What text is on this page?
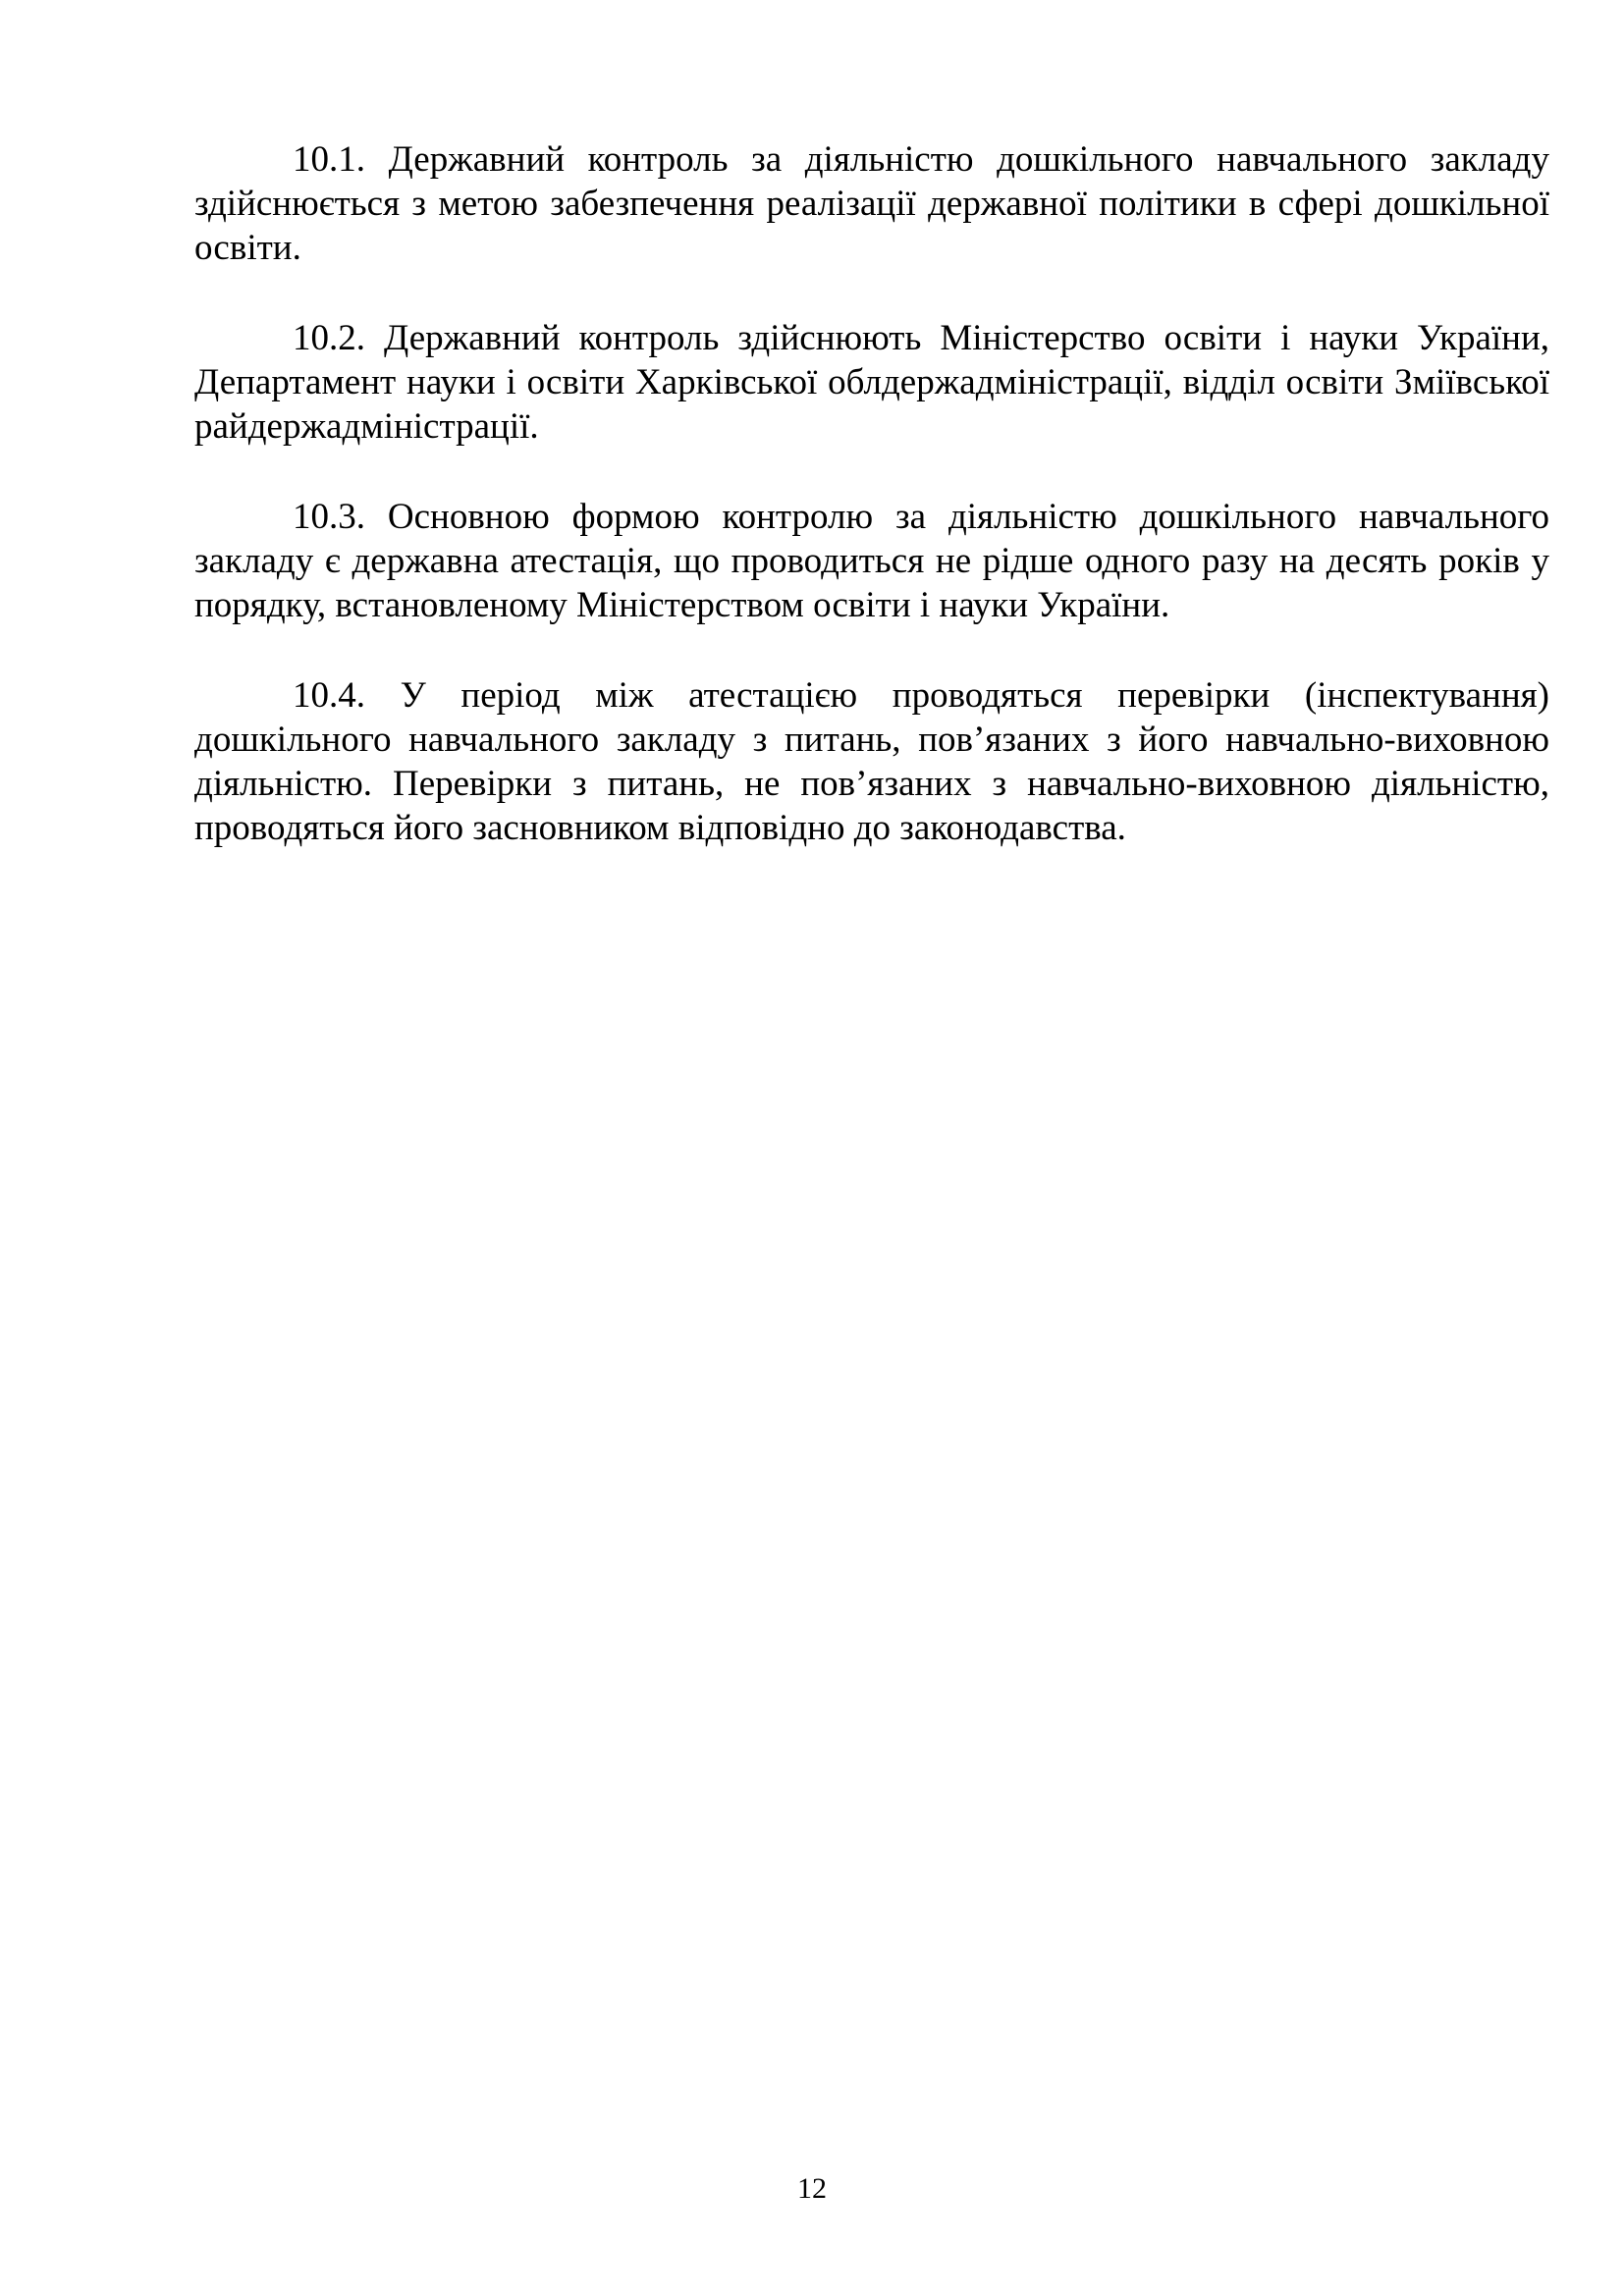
10.1. Державний контроль за діяльністю дошкільного навчального закладу здійснюється з метою забезпечення реалізації державної політики в сфері дошкільної освіти.

10.2. Державний контроль здійснюють Міністерство освіти і науки України, Департамент науки і освіти Харківської облдержадміністрації, відділ освіти Зміївської райдержадміністрації.

10.3. Основною формою контролю за діяльністю дошкільного навчального закладу є державна атестація, що проводиться не рідше одного разу на десять років у порядку, встановленому Міністерством освіти і науки України.

10.4. У період між атестацією проводяться перевірки (інспектування) дошкільного навчального закладу з питань, пов’язаних з його навчально-виховною діяльністю. Перевірки з питань, не пов’язаних з навчально-виховною діяльністю, проводяться його засновником відповідно до законодавства.

12
